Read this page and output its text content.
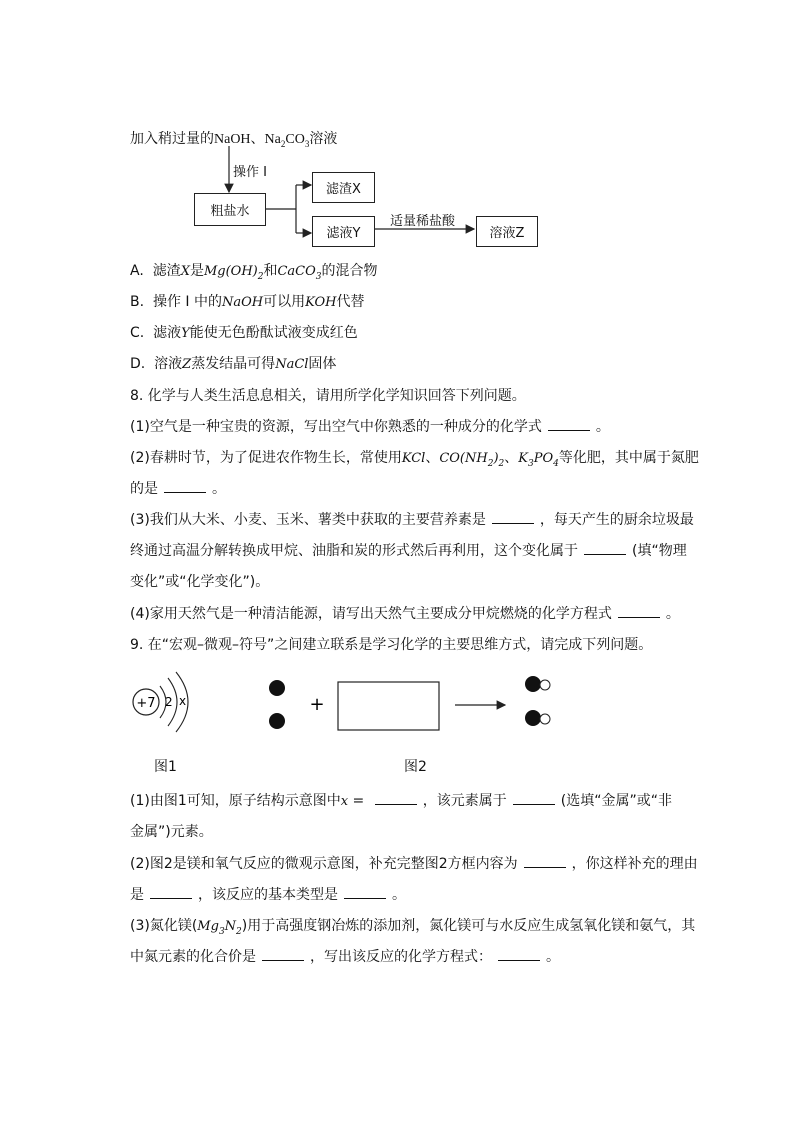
加入稍过量的NaOH、$Na_2CO_3$溶液
操作 I
粗盐水
滤渣X
滤液Y
适量稀盐酸
溶液Z
A. 滤渣X是$Mg(OH)_2$和CaCO$_3$的混合物
B. 操作 I 中的NaOH可以用KOH代替
C. 滤液Y能使无色酚酞试液变成红色
D. 溶液Z蒸发结晶可得NaCl固体
8. 化学与人类生活息息相关，请用所学化学知识回答下列问题。
(1)空气是一种宝贵的资源，写出空气中你熟悉的一种成分的化学式	。
(2)春耕时节，为了促进农作物生长，常使用KCl、$CO(NH_2)_2$、$K_3PO_4$等化肥，其中属于氮肥
的是	。
(3)我们从大米、小麦、玉米、薯类中获取的主要营养素是	，每天产生的厨余垃圾最
终通过高温分解转换成甲烷、油脂和炭的形式然后再利用，这个变化属于	(填“物理
变化”或“化学变化”)。
(4)家用天然气是一种清洁能源，请写出天然气主要成分甲烷燃烧的化学方程式	。
9. 在“宏观–微观–符号”之间建立联系是学习化学的主要思维方式，请完成下列问题。
+7 2 x	+
图1	图2
(1)由图1可知，原子结构示意图中x =	，该元素属于	(选填“金属”或“非
金属”)元素。
(2)图2是镁和氧气反应的微观示意图，补充完整图2方框内容为	，你这样补充的理由
是	，该反应的基本类型是	。
(3)氮化镁$(Mg_3N_2)$用于高强度钢冶炼的添加剂，氮化镁可与水反应生成氢氧化镁和氨气，其
中氮元素的化合价是	，写出该反应的化学方程式：	。
